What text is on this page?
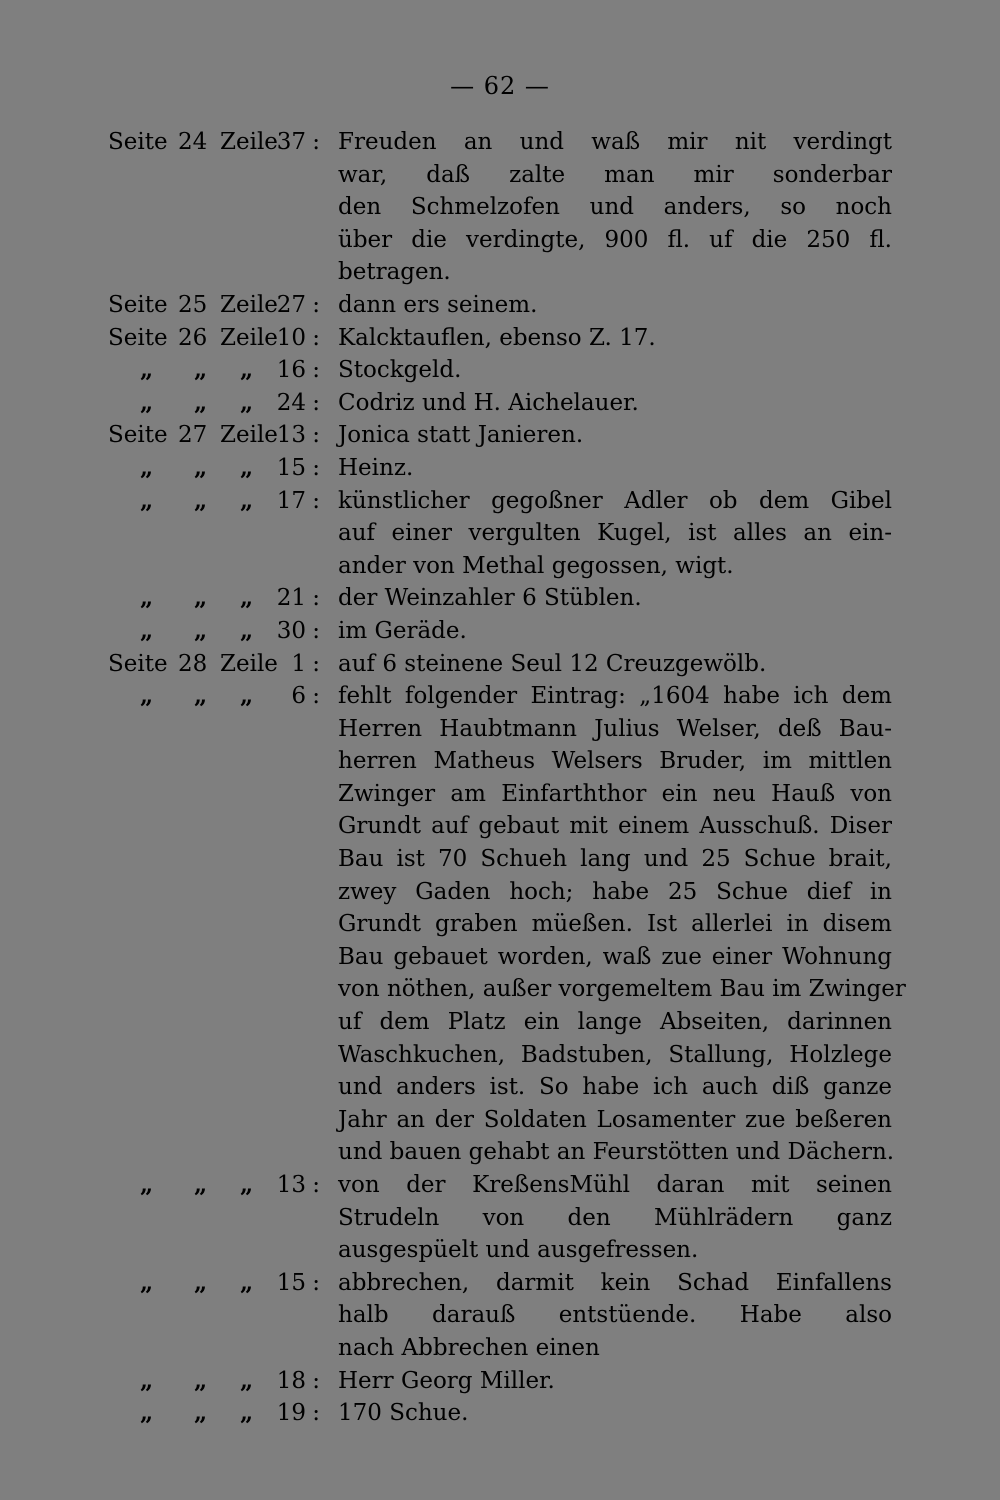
— 62 —
Seite 24 Zeile
37 : Freuden an und waß mir nit verdingt
war, daß zalte man mir sonderbar
den Schmelzofen und anders, so noch
über die verdingte, 900 fl. uf die 250 fl.
betragen.
Seite 25 Zeile
27 : dann ers seinem.
Seite 26 Zeile
10 : Kalcktauflen, ebenso Z. 17.
„ „ „ 16 : Stockgeld.
„ „ „ 24 : Codriz und H. Aichelauer.
Seite 27 Zeile
13 : Jonica statt Janieren.
„ „ „ 15 : Heinz.
„ „ „ 17 : künstlicher gegoßner Adler ob dem Gibel
auf einer vergulten Kugel, ist alles an ein-
ander von Methal gegossen, wigt.
„ „ „ 21 : der Weinzahler 6 Stüblen.
„ „ „ 30 : im Geräde.
Seite 28 Zeile 1 : auf 6 steinene Seul 12 Creuzgewölb.
„ „ „ 6 : fehlt folgender Eintrag: „1604 habe ich dem
Herren Haubtmann Julius Welser, deß Bau-
herren Matheus Welsers Bruder, im mittlen
Zwinger am Einfarththor ein neu Hauß von
Grundt auf gebaut mit einem Ausschuß. Diser
Bau ist 70 Schueh lang und 25 Schue brait,
zwey Gaden hoch; habe 25 Schue dief in
Grundt graben müeßen. Ist allerlei in disem
Bau gebauet worden, waß zue einer Wohnung
von nöthen, außer vorgemeltem Bau im Zwinger
uf dem Platz ein lange Abseiten, darinnen
Waschkuchen, Badstuben, Stallung, Holzlege
und anders ist. So habe ich auch diß ganze
Jahr an der Soldaten Losamenter zue beßeren
und bauen gehabt an Feurstötten und Dächern.
„ „ „ 13 : von der KreßensMühl daran mit seinen
Strudeln von den Mühlrädern ganz
ausgespüelt und ausgefressen.
„ „ „ 15 : abbrechen, darmit kein Schad Einfallens
halb darauß entstüende. Habe also
nach Abbrechen einen
„ „ „ 18 : Herr Georg Miller.
„ „ „ 19 : 170 Schue.
